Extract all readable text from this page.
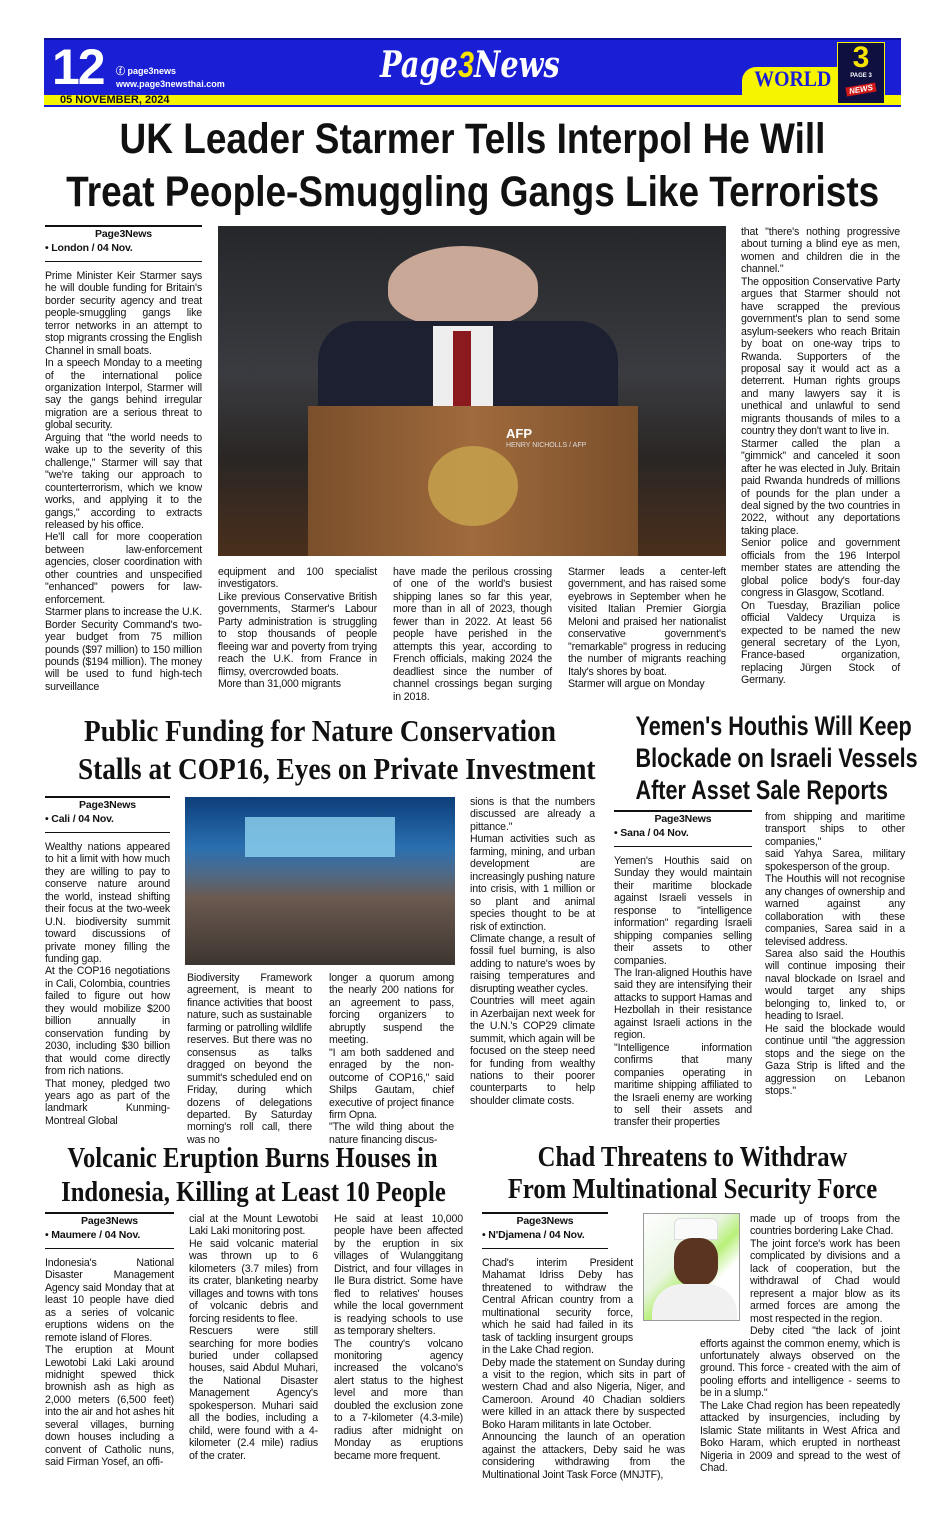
12 ⓕ page3news
www.page3newsthai.com
05 NOVEMBER, 2024
Page3News	WORLD
3
PAGE 3
NEWS
UK Leader Starmer Tells Interpol He Will
Treat People-Smuggling Gangs Like Terrorists
Page3News
• London / 04 Nov.
Prime Minister Keir Starmer says he will double funding for Britain's border security agency and treat people-smuggling gangs like terror networks in an attempt to stop migrants crossing the English Channel in small boats.
In a speech Monday to a meeting of the international police organization Interpol, Starmer will say the gangs behind irregular migration are a serious threat to global security.
Arguing that "the world needs to wake up to the severity of this challenge," Starmer will say that "we're taking our approach to counterterrorism, which we know works, and applying it to the gangs," according to extracts released by his office.
He'll call for more cooperation between law-enforcement agencies, closer coordination with other countries and unspecified "enhanced" powers for law-enforcement.
Starmer plans to increase the U.K. Border Security Command's two-year budget from 75 million pounds ($97 million) to 150 million pounds ($194 million). The money will be used to fund high-tech surveillance
AFP
HENRY NICHOLLS / AFP
equipment and 100 specialist investigators.
Like previous Conservative British governments, Starmer's Labour Party administration is struggling to stop thousands of people fleeing war and poverty from trying reach the U.K. from France in flimsy, overcrowded boats.
More than 31,000 migrants
have made the perilous crossing of one of the world's busiest shipping lanes so far this year, more than in all of 2023, though fewer than in 2022. At least 56 people have perished in the attempts this year, according to French officials, making 2024 the deadliest since the number of channel crossings began surging in 2018.
Starmer leads a center-left government, and has raised some eyebrows in September when he visited Italian Premier Giorgia Meloni and praised her nationalist conservative government's "remarkable" progress in reducing the number of migrants reaching Italy's shores by boat.
Starmer will argue on Monday
that "there's nothing progressive about turning a blind eye as men, women and children die in the channel."
The opposition Conservative Party argues that Starmer should not have scrapped the previous government's plan to send some asylum-seekers who reach Britain by boat on one-way trips to Rwanda. Supporters of the proposal say it would act as a deterrent. Human rights groups and many lawyers say it is unethical and unlawful to send migrants thousands of miles to a country they don't want to live in.
Starmer called the plan a "gimmick" and canceled it soon after he was elected in July. Britain paid Rwanda hundreds of millions of pounds for the plan under a deal signed by the two countries in 2022, without any deportations taking place.
Senior police and government officials from the 196 Interpol member states are attending the global police body's four-day congress in Glasgow, Scotland.
On Tuesday, Brazilian police official Valdecy Urquiza is expected to be named the new general secretary of the Lyon, France-based organization, replacing Jürgen Stock of Germany.
Public Funding for Nature Conservation
Stalls at COP16, Eyes on Private Investment
Page3News
• Cali / 04 Nov.
Wealthy nations appeared to hit a limit with how much they are willing to pay to conserve nature around the world, instead shifting their focus at the two-week U.N. biodiversity summit toward discussions of private money filling the funding gap.
At the COP16 negotiations in Cali, Colombia, countries failed to figure out how they would mobilize $200 billion annually in conservation funding by 2030, including $30 billion that would come directly from rich nations.
That money, pledged two years ago as part of the landmark Kunming-Montreal Global
Biodiversity Framework agreement, is meant to finance activities that boost nature, such as sustainable farming or patrolling wildlife reserves. But there was no consensus as talks dragged on beyond the summit's scheduled end on Friday, during which dozens of delegations departed. By Saturday morning's roll call, there was no
longer a quorum among the nearly 200 nations for an agreement to pass, forcing organizers to abruptly suspend the meeting.
"I am both saddened and enraged by the non-outcome of COP16," said Shilps Gautam, chief executive of project finance firm Opna.
"The wild thing about the nature financing discus-
sions is that the numbers discussed are already a pittance."
Human activities such as farming, mining, and urban development are increasingly pushing nature into crisis, with 1 million or so plant and animal species thought to be at risk of extinction.
Climate change, a result of fossil fuel burning, is also adding to nature's woes by raising temperatures and disrupting weather cycles.
Countries will meet again in Azerbaijan next week for the U.N.'s COP29 climate summit, which again will be focused on the steep need for funding from wealthy nations to their poorer counterparts to help shoulder climate costs.
Yemen's Houthis Will Keep
Blockade on Israeli Vessels
After Asset Sale Reports
Page3News
• Sana / 04 Nov.
Yemen's Houthis said on Sunday they would maintain their maritime blockade against Israeli vessels in response to "intelligence information" regarding Israeli shipping companies selling their assets to other companies.
The Iran-aligned Houthis have said they are intensifying their attacks to support Hamas and Hezbollah in their resistance against Israeli actions in the region.
"Intelligence information confirms that many companies operating in maritime shipping affiliated to the Israeli enemy are working to sell their assets and transfer their properties
from shipping and maritime transport ships to other companies,"
said Yahya Sarea, military spokesperson of the group.
The Houthis will not recognise any changes of ownership and warned against any collaboration with these companies, Sarea said in a televised address.
Sarea also said the Houthis will continue imposing their naval blockade on Israel and would target any ships belonging to, linked to, or heading to Israel.
He said the blockade would continue until "the aggression stops and the siege on the Gaza Strip is lifted and the aggression on Lebanon stops."
Volcanic Eruption Burns Houses in
Indonesia, Killing at Least 10 People
Page3News
• Maumere / 04 Nov.
Indonesia's National Disaster Management Agency said Monday that at least 10 people have died as a series of volcanic eruptions widens on the remote island of Flores.
The eruption at Mount Lewotobi Laki Laki around midnight spewed thick brownish ash as high as 2,000 meters (6,500 feet) into the air and hot ashes hit several villages, burning down houses including a convent of Catholic nuns, said Firman Yosef, an offi-
cial at the Mount Lewotobi Laki Laki monitoring post.
He said volcanic material was thrown up to 6 kilometers (3.7 miles) from its crater, blanketing nearby villages and towns with tons of volcanic debris and forcing residents to flee.
Rescuers were still searching for more bodies buried under collapsed houses, said Abdul Muhari, the National Disaster Management Agency's spokesperson. Muhari said all the bodies, including a child, were found with a 4-kilometer (2.4 mile) radius of the crater.
He said at least 10,000 people have been affected by the eruption in six villages of Wulanggitang District, and four villages in Ile Bura district. Some have fled to relatives' houses while the local government is readying schools to use as temporary shelters.
The country's volcano monitoring agency increased the volcano's alert status to the highest level and more than doubled the exclusion zone to a 7-kilometer (4.3-mile) radius after midnight on Monday as eruptions became more frequent.
Chad Threatens to Withdraw
From Multinational Security Force
Page3News
• N'Djamena / 04 Nov.
Chad's interim President Mahamat Idriss Deby has threatened to withdraw the Central African country from a multinational security force, which he said had failed in its task of tackling insurgent groups in the Lake Chad region.
Deby made the statement on Sunday during a visit to the region, which sits in part of western Chad and also Nigeria, Niger, and Cameroon. Around 40 Chadian soldiers were killed in an attack there by suspected Boko Haram militants in late October.
Announcing the launch of an operation against the attackers, Deby said he was considering withdrawing from the Multinational Joint Task Force (MNJTF),
made up of troops from the countries bordering Lake Chad.
The joint force's work has been complicated by divisions and a lack of cooperation, but the withdrawal of Chad would represent a major blow as its armed forces are among the most respected in the region.
Deby cited "the lack of joint efforts against the common enemy, which is unfortunately always observed on the ground. This force - created with the aim of pooling efforts and intelligence - seems to be in a slump."
The Lake Chad region has been repeatedly attacked by insurgencies, including by Islamic State militants in West Africa and Boko Haram, which erupted in northeast Nigeria in 2009 and spread to the west of Chad.
